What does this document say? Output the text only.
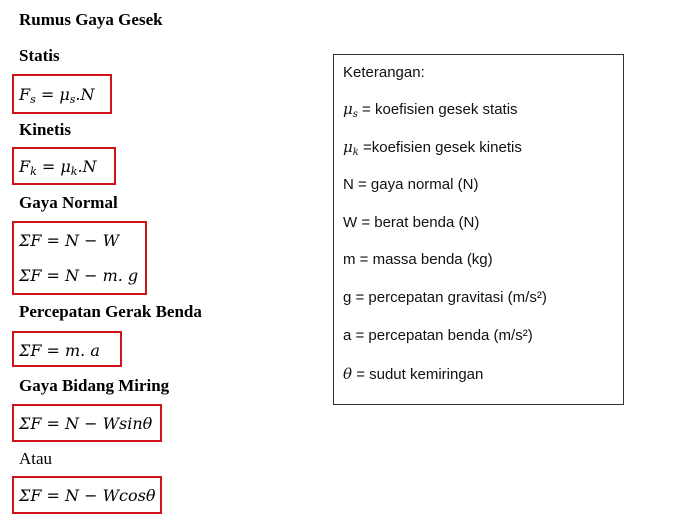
Rumus Gaya Gesek
Statis
$F_s = \mu_s.N$
Kinetis
$F_k = \mu_k.N$
Gaya Normal
ΣF = N − W
ΣF = N − m. g
Percepatan Gerak Benda
ΣF = m. a
Gaya Bidang Miring
ΣF = N − Wsinθ
Atau
ΣF = N − Wcosθ
Keterangan:
$\mu_s$ = koefisien gesek statis
$\mu_k$ =koefisien gesek kinetis
N = gaya normal (N)
W = berat benda (N)
m = massa benda (kg)
g = percepatan gravitasi (m/s²)
a = percepatan benda (m/s²)
θ = sudut kemiringan
